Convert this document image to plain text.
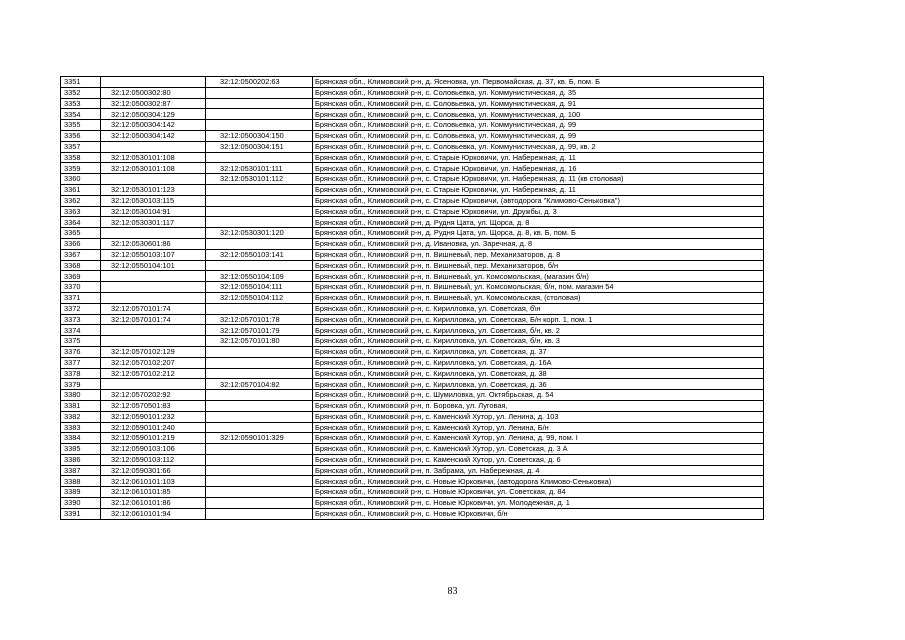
3351		32:12:0500202:63	Брянская обл., Климовский р-н, д. Ясеновка, ул. Первомайская, д. 37, кв. Б, пом. Б
3352	32:12:0500302:80		Брянская обл., Климовский р-н, с. Соловьевка, ул. Коммунистическая, д. 35
3353	32:12:0500302:87		Брянская обл., Климовский р-н, с. Соловьевка, ул. Коммунистическая, д. 91
3354	32:12:0500304:129		Брянская обл., Климовский р-н, с. Соловьевка, ул. Коммунистическая, д. 100
3355	32:12:0500304:142		Брянская обл., Климовский р-н, с. Соловьевка, ул. Коммунистическая, д. 99
3356	32:12:0500304:142	32:12:0500304:150	Брянская обл., Климовский р-н, с. Соловьевка, ул. Коммунистическая, д. 99
3357		32:12:0500304:151	Брянская обл., Климовский р-н, с. Соловьевка, ул. Коммунистическая, д. 99, кв. 2
3358	32:12:0530101:108		Брянская обл., Климовский р-н, с. Старые Юрковичи, ул. Набережная, д. 11
3359	32:12:0530101:108	32:12:0530101:111	Брянская обл., Климовский р-н, с. Старые Юрковичи, ул. Набережная, д. 16
3360		32:12:0530101:112	Брянская обл., Климовский р-н, с. Старые Юрковичи, ул. Набережная, д. 11 (кв столовая)
3361	32:12:0530101:123		Брянская обл., Климовский р-н, с. Старые Юрковичи, ул. Набережная, д. 11
3362	32:12:0530103:115		Брянская обл., Климовский р-н, с. Старые Юрковичи, (автодорога "Климово-Сеньковка")
3363	32:12:0530104:91		Брянская обл., Климовский р-н, с. Старые Юрковичи, ул. Дружбы, д. 3
3364	32:12:0530301:117		Брянская обл., Климовский р-н, д. Рудня Цата, ул. Щорса, д. 8
3365		32:12:0530301:120	Брянская обл., Климовский р-н, д. Рудня Цата, ул. Щорса, д. 8, кв. Б, пом. Б
3366	32:12:0530601:86		Брянская обл., Климовский р-н, д. Ивановка, ул. Заречная, д. 8
3367	32:12:0550103:107	32:12:0550103:141	Брянская обл., Климовский р-н, п. Вишневый, пер. Механизаторов, д. 8
3368	32:12:0550104:101		Брянская обл., Климовский р-н, п. Вишневый, пер. Механизаторов, б/н
3369		32:12:0550104:109	Брянская обл., Климовский р-н, п. Вишневый, ул. Комсомольская, (магазин б/н)
3370		32:12:0550104:111	Брянская обл., Климовский р-н, п. Вишневый, ул. Комсомольская, б/н, пом. магазин 54
3371		32:12:0550104:112	Брянская обл., Климовский р-н, п. Вишневый, ул. Комсомольская, (столовая)
3372	32:12:0570101:74		Брянская обл., Климовский р-н, с. Кирилловка, ул. Советская, б\н
3373	32:12:0570101:74	32:12:0570101:78	Брянская обл., Климовский р-н, с. Кирилловка, ул. Советская, Б/н корп. 1, пом. 1
3374		32:12:0570101:79	Брянская обл., Климовский р-н, с. Кирилловка, ул. Советская, б/н, кв. 2
3375		32:12:0570101:80	Брянская обл., Климовский р-н, с. Кирилловка, ул. Советская, б/н, кв. 3
3376	32:12:0570102:129		Брянская обл., Климовский р-н, с. Кирилловка, ул. Советская, д. 37
3377	32:12:0570102:207		Брянская обл., Климовский р-н, с. Кирилловка, ул. Советская, д. 16А
3378	32:12:0570102:212		Брянская обл., Климовский р-н, с. Кирилловка, ул. Советская, д. 38
3379		32:12:0570104:82	Брянская обл., Климовский р-н, с. Кирилловка, ул. Советская, д. 36
3380	32:12:0570202:92		Брянская обл., Климовский р-н, с. Шумиловка, ул. Октябрьская, д. 54
3381	32:12:0570501:83		Брянская обл., Климовский р-н, п. Боровка, ул. Луговая,
3382	32:12:0590101:232		Брянская обл., Климовский р-н, с. Каменский Хутор, ул. Ленина, д. 103
3383	32:12:0590101:240		Брянская обл., Климовский р-н, с. Каменский Хутор, ул. Ленина, Б/н
3384	32:12:0590101:219	32:12:0590101:329	Брянская обл., Климовский р-н, с. Каменский Хутор, ул. Ленина, д. 99, пом. I
3385	32:12:0590103:106		Брянская обл., Климовский р-н, с. Каменский Хутор, ул. Советская, д. 3 А
3386	32:12:0590103:112		Брянская обл., Климовский р-н, с. Каменский Хутор, ул. Советская, д. 6
3387	32:12:0590301:66		Брянская обл., Климовский р-н, п. Забрама, ул. Набережная, д. 4
3388	32:12:0610101:103		Брянская обл., Климовский р-н, с. Новые Юрковичи, (автодорога Климово-Сеньковка)
3389	32:12:0610101:85		Брянская обл., Климовский р-н, с. Новые Юрковичи, ул. Советская, д. 84
3390	32:12:0610101:86		Брянская обл., Климовский р-н, с. Новые Юрковичи, ул. Молодежная, д. 1
3391	32:12:0610101:94		Брянская обл., Климовский р-н, с. Новые Юрковичи, б/н
83
